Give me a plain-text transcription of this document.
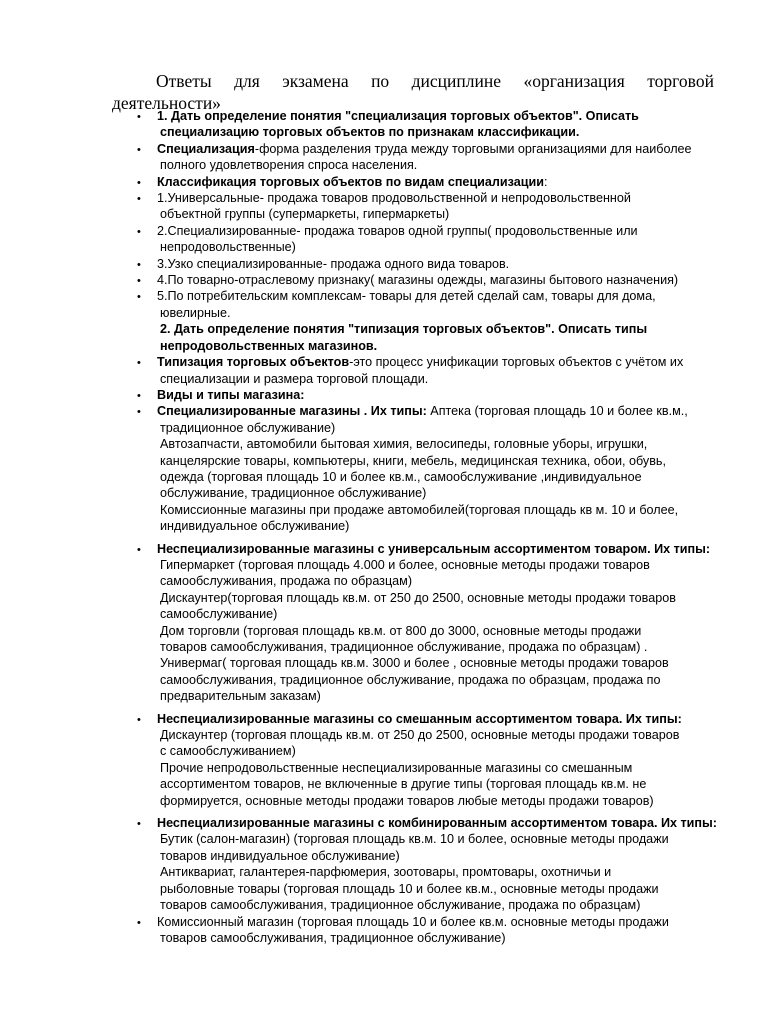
Ответы для экзамена по дисциплине «организация торговой
деятельности»
•
1. Дать определение понятия "специализация торговых объектов". Описать
специализацию торговых объектов по признакам классификации.
•
Специализация-форма разделения труда между торговыми организациями для наиболее
полного удовлетворения спроса населения.
•
Классификация торговых объектов по видам специализации:
•
1.Универсальные- продажа товаров продовольственной и непродовольственной
объектной группы (супермаркеты, гипермаркеты)
•
2.Специализированные- продажа товаров одной группы( продовольственные или
непродовольственные)
•
3.Узко специализированные- продажа одного вида товаров.
•
4.По товарно-отраслевому признаку( магазины одежды, магазины бытового назначения)
•
5.По потребительским комплексам- товары для детей сделай сам, товары для дома,
ювелирные.
2. Дать определение понятия "типизация торговых объектов". Описать типы
непродовольственных магазинов.
•
Типизация торговых объектов-это процесс унификации торговых объектов с учётом их
специализации и размера торговой площади.
•
Виды и типы магазина:
•
Специализированные магазины . Их типы: Аптека (торговая площадь 10 и более кв.м.,
традиционное обслуживание)
Автозапчасти, автомобили бытовая химия, велосипеды, головные уборы, игрушки,
канцелярские товары, компьютеры, книги, мебель, медицинская техника, обои, обувь,
одежда (торговая площадь 10 и более кв.м., самообслуживание ,индивидуальное
обслуживание, традиционное обслуживание)
Комиссионные магазины при продаже автомобилей(торговая площадь кв м. 10 и более,
индивидуальное обслуживание)
•
Неспециализированные магазины с универсальным ассортиментом товаром. Их типы:
Гипермаркет (торговая площадь 4.000 и более, основные методы продажи товаров
самообслуживания, продажа по образцам)
Дискаунтер(торговая площадь кв.м. от 250 до 2500, основные методы продажи товаров
самообслуживание)
Дом торговли (торговая площадь кв.м. от 800 до 3000, основные методы продажи
товаров самообслуживания, традиционное обслуживание, продажа по образцам) .
Универмаг( торговая площадь кв.м. 3000 и более , основные методы продажи товаров
самообслуживания, традиционное обслуживание, продажа по образцам, продажа по
предварительным заказам)
•
Неспециализированные магазины со смешанным ассортиментом товара. Их типы:
Дискаунтер (торговая площадь кв.м. от 250 до 2500, основные методы продажи товаров
с самообслуживанием)
Прочие непродовольственные неспециализированные магазины со смешанным
ассортиментом товаров, не включенные в другие типы (торговая площадь кв.м. не
формируется, основные методы продажи товаров любые методы продажи товаров)
•
Неспециализированные магазины с комбинированным ассортиментом товара. Их типы:
Бутик (салон-магазин) (торговая площадь кв.м. 10 и более, основные методы продажи
товаров индивидуальное обслуживание)
Антиквариат, галантерея-парфюмерия, зоотовары, промтовары, охотничьи и
рыболовные товары (торговая площадь 10 и более кв.м., основные методы продажи
товаров самообслуживания, традиционное обслуживание, продажа по образцам)
•
Комиссионный магазин (торговая площадь 10 и более кв.м. основные методы продажи
товаров самообслуживания, традиционное обслуживание)
